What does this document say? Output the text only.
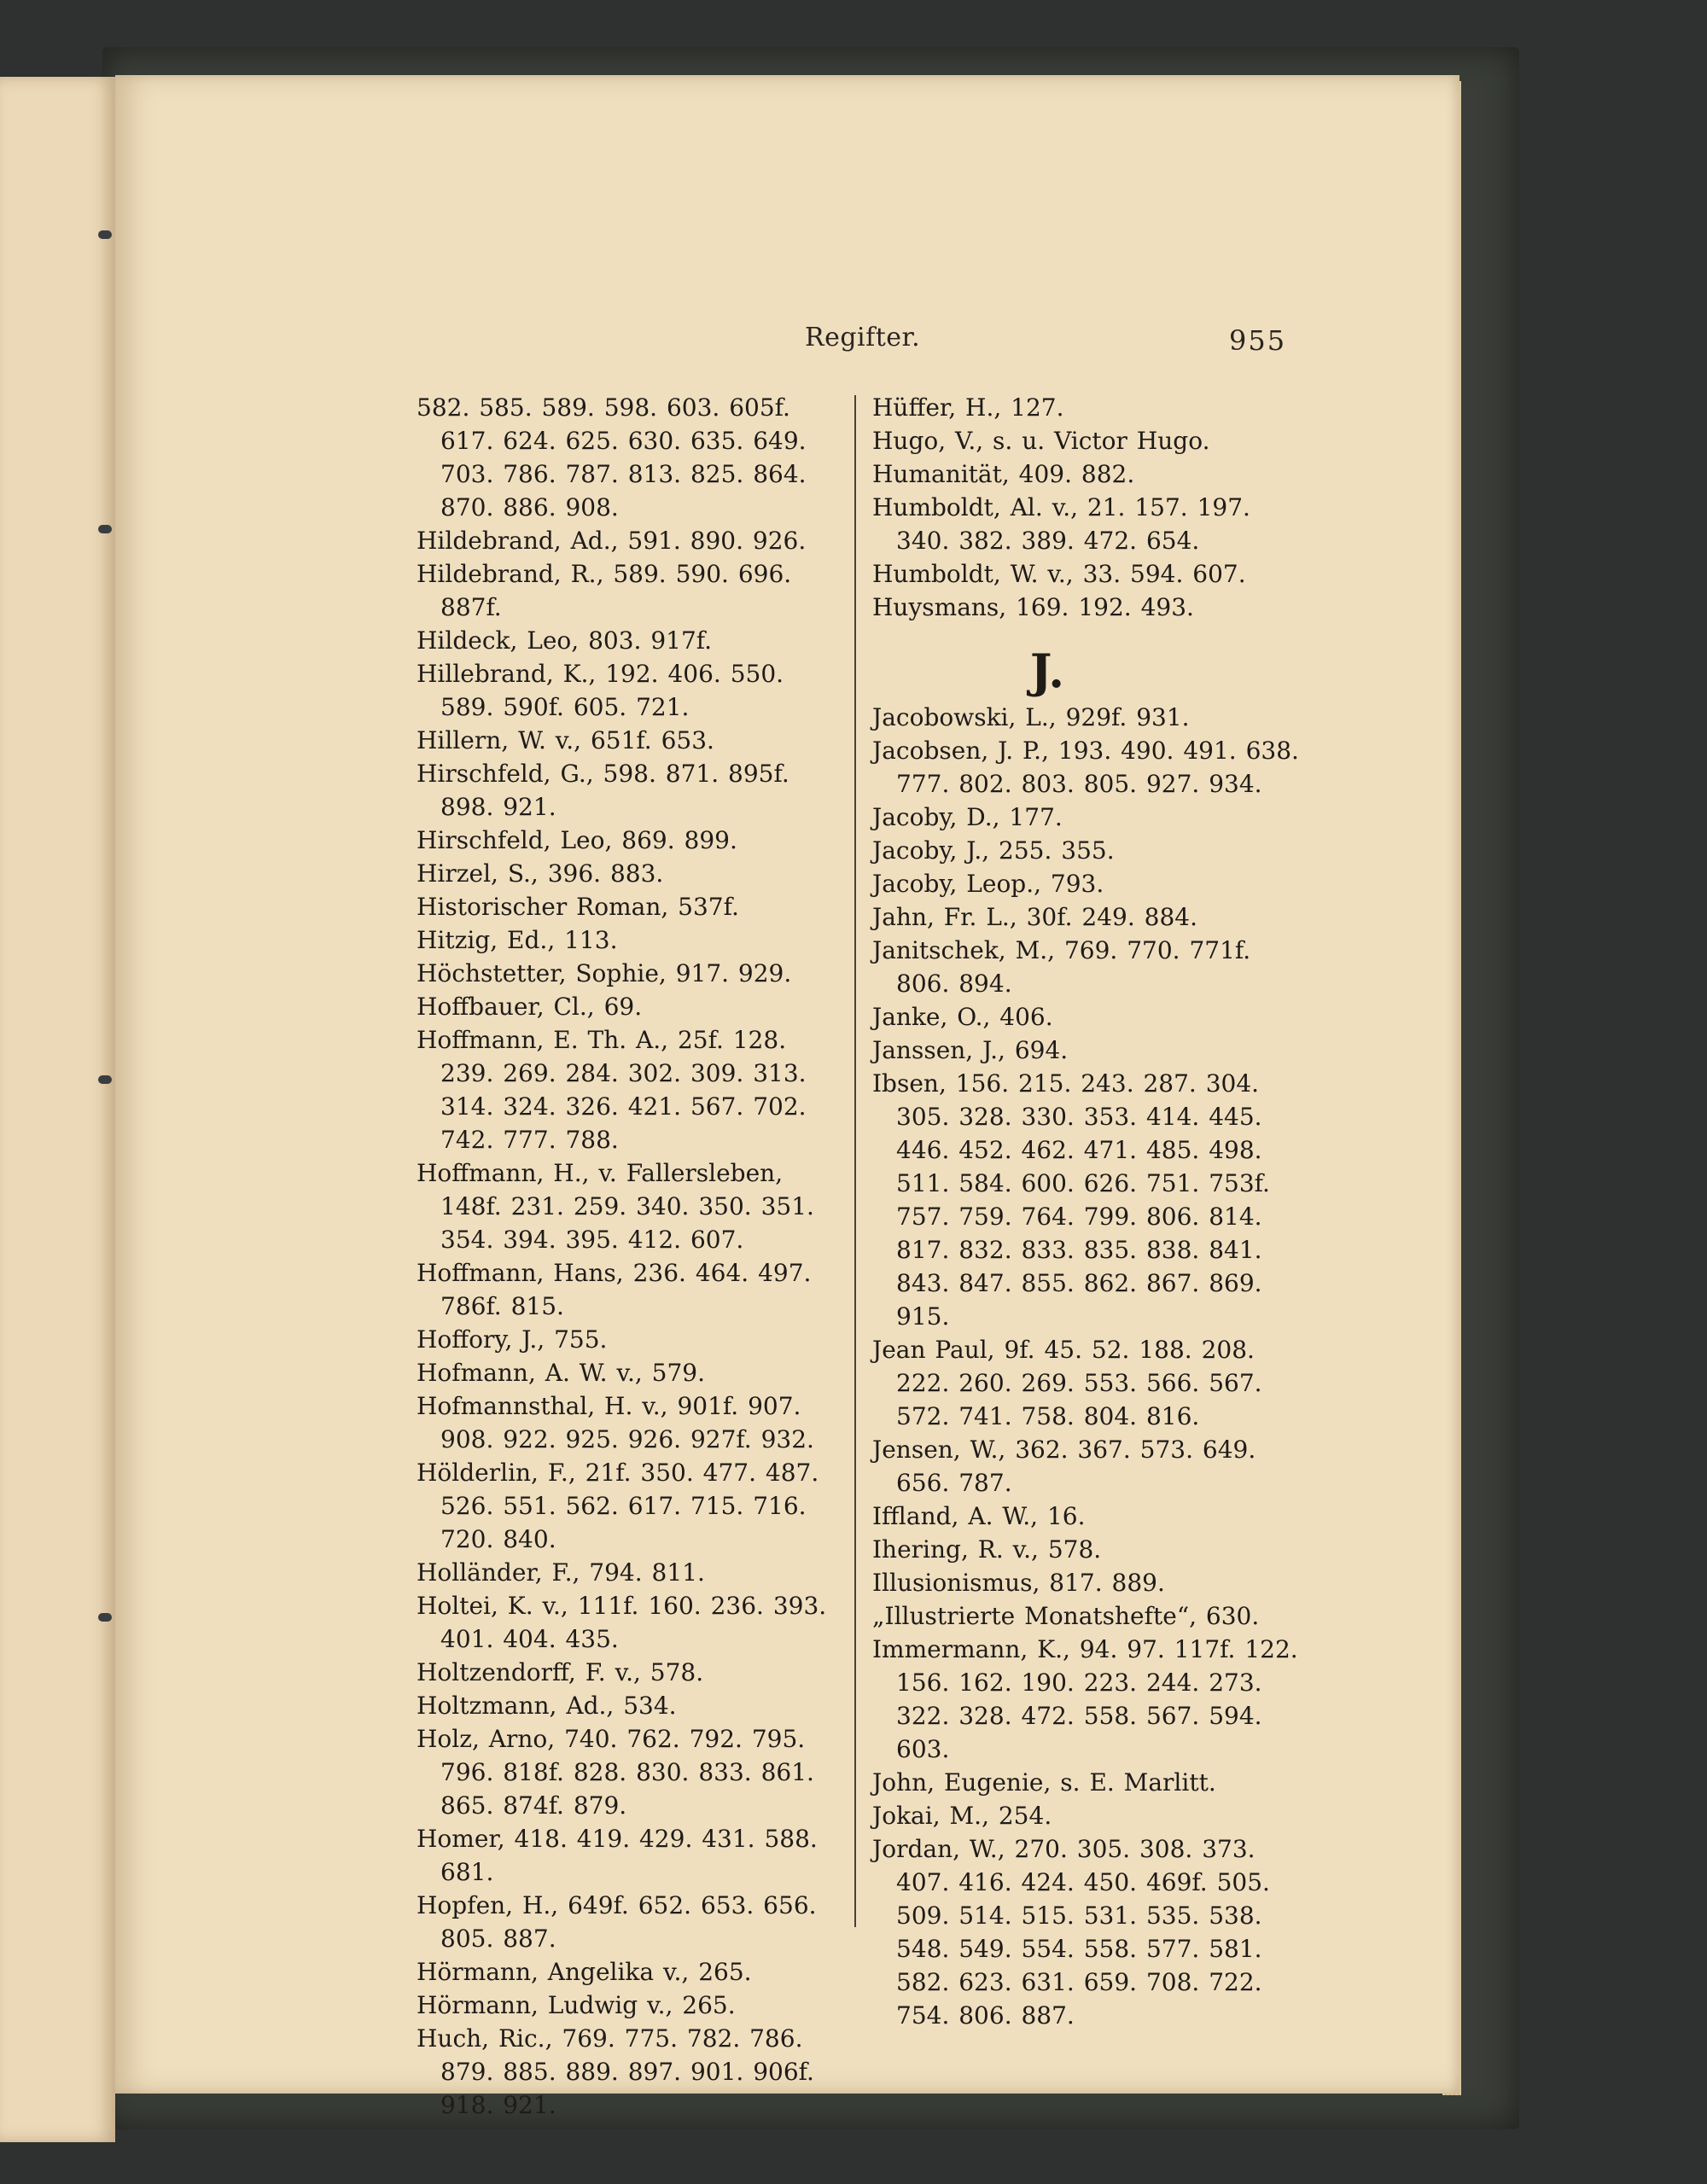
Regifter.	955

582. 585. 589. 598. 603. 605f. 617. 624. 625. 630. 635. 649. 703. 786. 787. 813. 825. 864. 870. 886. 908.

Hildebrand, Ad., 591. 890. 926.

Hildebrand, R., 589. 590. 696. 887f.

Hildeck, Leo, 803. 917f.

Hillebrand, K., 192. 406. 550. 589. 590f. 605. 721.

Hillern, W. v., 651f. 653.

Hirschfeld, G., 598. 871. 895f. 898. 921.

Hirschfeld, Leo, 869. 899.

Hirzel, S., 396. 883.

Historischer Roman, 537f.

Hitzig, Ed., 113.

Höchstetter, Sophie, 917. 929.

Hoffbauer, Cl., 69.

Hoffmann, E. Th. A., 25f. 128. 239. 269. 284. 302. 309. 313. 314. 324. 326. 421. 567. 702. 742. 777. 788.

Hoffmann, H., v. Fallersleben, 148f. 231. 259. 340. 350. 351. 354. 394. 395. 412. 607.

Hoffmann, Hans, 236. 464. 497. 786f. 815.

Hoffory, J., 755.

Hofmann, A. W. v., 579.

Hofmannsthal, H. v., 901f. 907. 908. 922. 925. 926. 927f. 932.

Hölderlin, F., 21f. 350. 477. 487. 526. 551. 562. 617. 715. 716. 720. 840.

Holländer, F., 794. 811.

Holtei, K. v., 111f. 160. 236. 393. 401. 404. 435.

Holtzendorff, F. v., 578.

Holtzmann, Ad., 534.

Holz, Arno, 740. 762. 792. 795. 796. 818f. 828. 830. 833. 861. 865. 874f. 879.

Homer, 418. 419. 429. 431. 588. 681.

Hopfen, H., 649f. 652. 653. 656. 805. 887.

Hörmann, Angelika v., 265.

Hörmann, Ludwig v., 265.

Huch, Ric., 769. 775. 782. 786. 879. 885. 889. 897. 901. 906f. 918. 921.

Hüffer, H., 127.

Hugo, V., s. u. Victor Hugo.

Humanität, 409. 882.

Humboldt, Al. v., 21. 157. 197. 340. 382. 389. 472. 654.

Humboldt, W. v., 33. 594. 607.

Huysmans, 169. 192. 493.

J.

Jacobowski, L., 929f. 931.

Jacobsen, J. P., 193. 490. 491. 638. 777. 802. 803. 805. 927. 934.

Jacoby, D., 177.

Jacoby, J., 255. 355.

Jacoby, Leop., 793.

Jahn, Fr. L., 30f. 249. 884.

Janitschek, M., 769. 770. 771f. 806. 894.

Janke, O., 406.

Janssen, J., 694.

Ibsen, 156. 215. 243. 287. 304. 305. 328. 330. 353. 414. 445. 446. 452. 462. 471. 485. 498. 511. 584. 600. 626. 751. 753f. 757. 759. 764. 799. 806. 814. 817. 832. 833. 835. 838. 841. 843. 847. 855. 862. 867. 869. 915.

Jean Paul, 9f. 45. 52. 188. 208. 222. 260. 269. 553. 566. 567. 572. 741. 758. 804. 816.

Jensen, W., 362. 367. 573. 649. 656. 787.

Iffland, A. W., 16.

Ihering, R. v., 578.

Illusionismus, 817. 889.

„Illustrierte Monatshefte“, 630.

Immermann, K., 94. 97. 117f. 122. 156. 162. 190. 223. 244. 273. 322. 328. 472. 558. 567. 594. 603.

John, Eugenie, s. E. Marlitt.

Jokai, M., 254.

Jordan, W., 270. 305. 308. 373. 407. 416. 424. 450. 469f. 505. 509. 514. 515. 531. 535. 538. 548. 549. 554. 558. 577. 581. 582. 623. 631. 659. 708. 722. 754. 806. 887.
